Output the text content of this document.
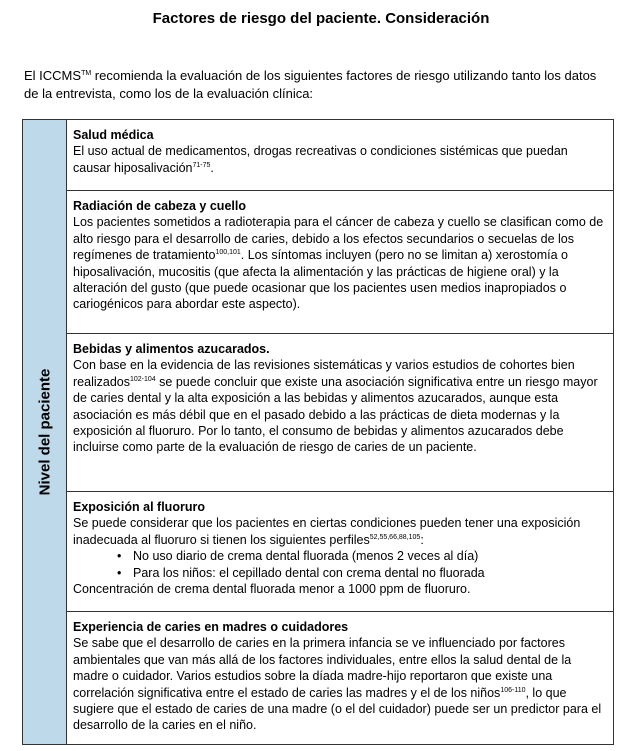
Factores de riesgo del paciente. Consideración
El ICCMS™ recomienda la evaluación de los siguientes factores de riesgo utilizando tanto los datos de la entrevista, como los de la evaluación clínica:
Nivel del paciente
Salud médica
El uso actual de medicamentos, drogas recreativas o condiciones sistémicas que puedan causar hiposalivación$^{71-75}$.
Radiación de cabeza y cuello
Los pacientes sometidos a radioterapia para el cáncer de cabeza y cuello se clasifican como de alto riesgo para el desarrollo de caries, debido a los efectos secundarios o secuelas de los regímenes de tratamiento$^{100,101}$. Los síntomas incluyen (pero no se limitan a) xerostomía o hiposalivación, mucositis (que afecta la alimentación y las prácticas de higiene oral) y la alteración del gusto (que puede ocasionar que los pacientes usen medios inapropiados o cariogénicos para abordar este aspecto).
Bebidas y alimentos azucarados.
Con base en la evidencia de las revisiones sistemáticas y varios estudios de cohortes bien realizados$^{102-104}$ se puede concluir que existe una asociación significativa entre un riesgo mayor de caries dental y la alta exposición a las bebidas y alimentos azucarados, aunque esta asociación es más débil que en el pasado debido a las prácticas de dieta modernas y la exposición al fluoruro. Por lo tanto, el consumo de bebidas y alimentos azucarados debe incluirse como parte de la evaluación de riesgo de caries de un paciente.
Exposición al fluoruro
Se puede considerar que los pacientes en ciertas condiciones pueden tener una exposición inadecuada al fluoruro si tienen los siguientes perfiles$^{52,55,66,88,105}$:
• No uso diario de crema dental fluorada (menos 2 veces al día)
• Para los niños: el cepillado dental con crema dental no fluorada
Concentración de crema dental fluorada menor a 1000 ppm de fluoruro.
Experiencia de caries en madres o cuidadores
Se sabe que el desarrollo de caries en la primera infancia se ve influenciado por factores ambientales que van más allá de los factores individuales, entre ellos la salud dental de la madre o cuidador. Varios estudios sobre la díada madre-hijo reportaron que existe una correlación significativa entre el estado de caries las madres y el de los niños$^{106-110}$, lo que sugiere que el estado de caries de una madre (o el del cuidador) puede ser un predictor para el desarrollo de la caries en el niño.
